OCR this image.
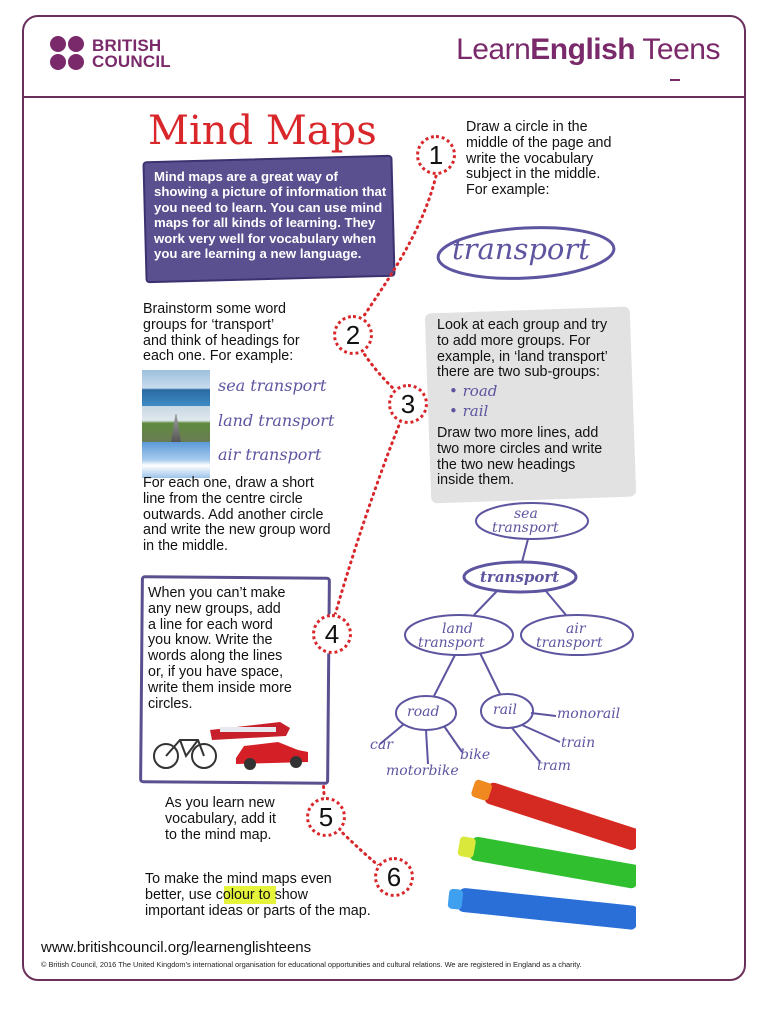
BRITISH
COUNCIL	LearnEnglish Teens
Mind Maps
Mind maps are a great way of showing a picture of information that you need to learn. You can use mind maps for all kinds of learning. They work very well for vocabulary when you are learning a new language.
1
Draw a circle in the
middle of the page and
write the vocabulary
subject in the middle.
For example:
transport
Brainstorm some word
groups for ‘transport’
and think of headings for
each one. For example:
2
sea transport
land transport
air transport
For each one, draw a short
line from the centre circle
outwards. Add another circle
and write the new group word
in the middle.
3
Look at each group and try
to add more groups. For
example, in ‘land transport’
there are two sub-groups:
• road
• rail
Draw two more lines, add
two more circles and write
the two new headings
inside them.
sea
transport
transport
land
transport
air
transport
road	rail
car
bike
motorbike
monorail
train
tram
When you can’t make
any new groups, add
a line for each word
you know. Write the
words along the lines
or, if you have space,
write them inside more
circles.
4
As you learn new
vocabulary, add it
to the mind map.
5
6
To make the mind maps even
better, use colour to show
important ideas or parts of the map.
www.britishcouncil.org/learnenglishteens
© British Council, 2016 The United Kingdom's international organisation for educational opportunities and cultural relations. We are registered in England as a charity.
